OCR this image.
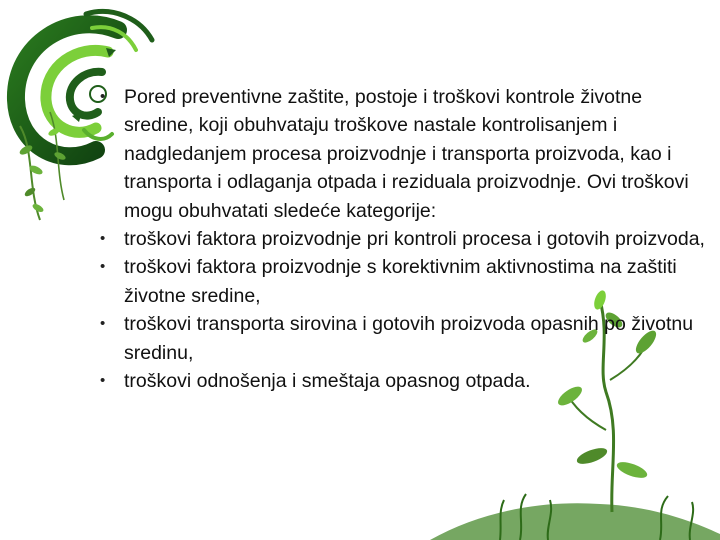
• Pored preventivne zaštite, postoje i troškovi kontrole životne sredine, koji obuhvataju troškove nastale kontrolisanjem i nadgledanjem procesa proizvodnje i transporta proizvoda, kao i transporta i odlaganja otpada i reziduala proizvodnje. Ovi troškovi mogu obuhvatati sledeće kategorije:
• troškovi faktora proizvodnje pri kontroli procesa i gotovih proizvoda,
• troškovi faktora proizvodnje s korektivnim aktivnostima na zaštiti životne sredine,
• troškovi transporta sirovina i gotovih proizvoda opasnih po životnu sredinu,
• troškovi odnošenja i smeštaja opasnog otpada.
